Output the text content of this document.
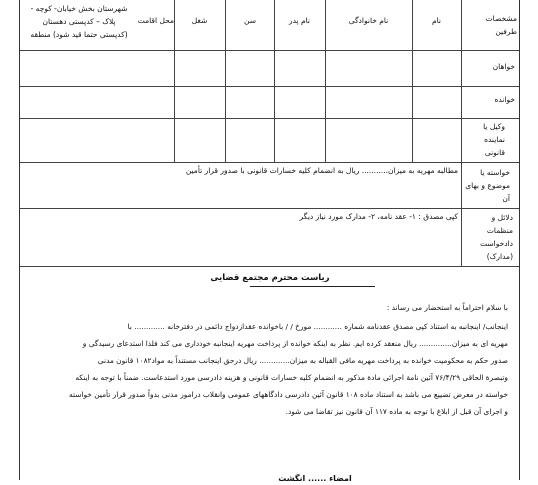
مشخصات طرفین
نام
نام خانوادگی
نام پدر
سن
شغل
محل اقامت
شهرستان بخش خیابان- کوچه - پلاک – کدپستی دهستان (کدپستی حتما قید شود) منطقه
خواهان
خوانده
وکیل یا نماینده قانونی
خواسته یا موضوع و بهای آن
مطالبه مهریه به میزان........... ریال به انضمام کلیه خسارات قانونی با صدور قرار تأمین
دلائل و منظمات دادخواست (مدارک)
کپی مصدق : ۱- عقد نامه، ۲- مدارک مورد نیاز دیگر
ریاست محترم مجتمع قضایی
با سلام احتراماً به استحضار می رساند :
اینجانب/ اینجانبه به استناد کپی مصدق عقدنامه شماره ............ مورخ / / باخوانده عقدازدواج دائمی در دفترخانه ............. با
مهریه ای به میزان.............. ریال منعقد کرده ایم. نظر به اینکه خوانده از پرداخت مهریه اینجانبه خودداری می کند فلذا استدعای رسیدگی و
صدور حکم به محکومیت خوانده به پرداخت مهریه مافی القباله به میزان............. ریال درحق اینجانب مستنداً به مواد۱۰۸۲ قانون مدنی
وتبصرة الحاقی ۷۶/۴/۲۹ آئین نامة اجرائی مادة مذکور به انضمام کلیه خسارات قانونی و هزینه دادرسی مورد استدعاست. ضمناً با توجه به اینکه
خواسته در معرض تضییع می باشد به استناد ماده ۱۰۸ قانون آئین دادرسی دادگاههای عمومی وانقلاب درامور مدنی بدواً صدور قرار تأمین خواسته
و اجرای آن قبل از ابلاغ با توجه به ماده ۱۱۷ آن قانون نیز تقاضا می شود.
امضاء ...... انگشت
